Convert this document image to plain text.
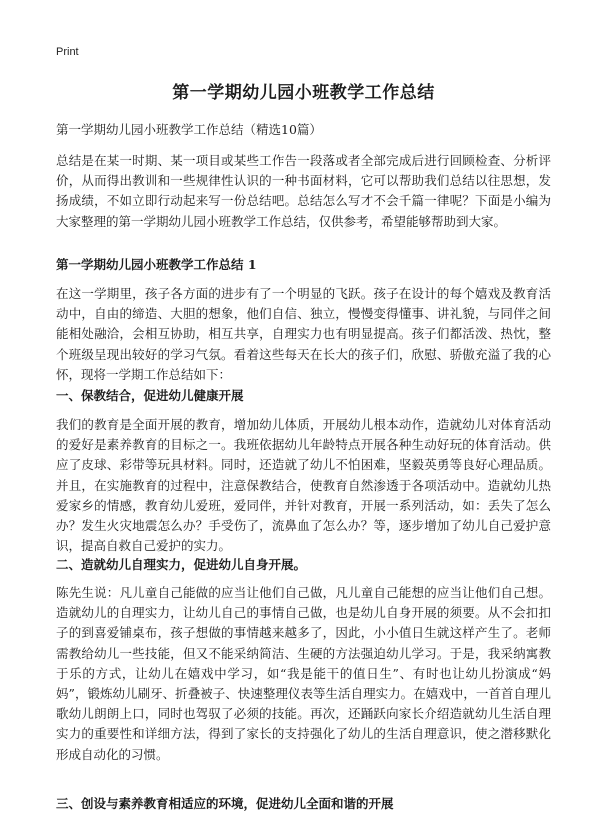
Print
第一学期幼儿园小班教学工作总结

第一学期幼儿园小班教学工作总结（精选10篇）

总结是在某一时期、某一项目或某些工作告一段落或者全部完成后进行回顾检查、分析评价，从而得出教训和一些规律性认识的一种书面材料，它可以帮助我们总结以往思想，发扬成绩，不如立即行动起来写一份总结吧。总结怎么写才不会千篇一律呢？下面是小编为大家整理的第一学期幼儿园小班教学工作总结，仅供参考，希望能够帮助到大家。

第一学期幼儿园小班教学工作总结 1

在这一学期里，孩子各方面的进步有了一个明显的飞跃。孩子在设计的每个嬉戏及教育活动中，自由的缔造、大胆的想象，他们自信、独立，慢慢变得懂事、讲礼貌，与同伴之间能相处融洽，会相互协助，相互共享，自理实力也有明显提高。孩子们都活泼、热忱，整个班级呈现出较好的学习气氛。看着这些每天在长大的孩子们，欣慰、骄傲充溢了我的心怀，现将一学期工作总结如下：

一、保教结合，促进幼儿健康开展

我们的教育是全面开展的教育，增加幼儿体质，开展幼儿根本动作，造就幼儿对体育活动的爱好是素养教育的目标之一。我班依据幼儿年龄特点开展各种生动好玩的体育活动。供应了皮球、彩带等玩具材料。同时，还造就了幼儿不怕困难，坚毅英勇等良好心理品质。并且，在实施教育的过程中，注意保教结合，使教育自然渗透于各项活动中。造就幼儿热爱家乡的情感，教育幼儿爱班，爱同伴，并针对教育，开展一系列活动，如：丢失了怎么办？发生火灾地震怎么办？手受伤了，流鼻血了怎么办？等，逐步增加了幼儿自己爱护意识，提高自救自己爱护的实力。

二、造就幼儿自理实力，促进幼儿自身开展。

陈先生说：凡儿童自己能做的应当让他们自己做，凡儿童自己能想的应当让他们自己想。造就幼儿的自理实力，让幼儿自己的事情自己做，也是幼儿自身开展的须要。从不会扣扣子的到喜爱铺桌布，孩子想做的事情越来越多了，因此，小小值日生就这样产生了。老师需教给幼儿一些技能，但又不能采纳简洁、生硬的方法强迫幼儿学习。于是，我采纳寓教于乐的方式，让幼儿在嬉戏中学习，如“我是能干的值日生”、有时也让幼儿扮演成“妈妈”，锻炼幼儿刷牙、折叠被子、快速整理仪表等生活自理实力。在嬉戏中，一首首自理儿歌幼儿朗朗上口，同时也驾驭了必须的技能。再次，还踊跃向家长介绍造就幼儿生活自理实力的重要性和详细方法，得到了家长的支持强化了幼儿的生活自理意识，使之潜移默化形成自动化的习惯。

三、创设与素养教育相适应的环境，促进幼儿全面和谐的开展
